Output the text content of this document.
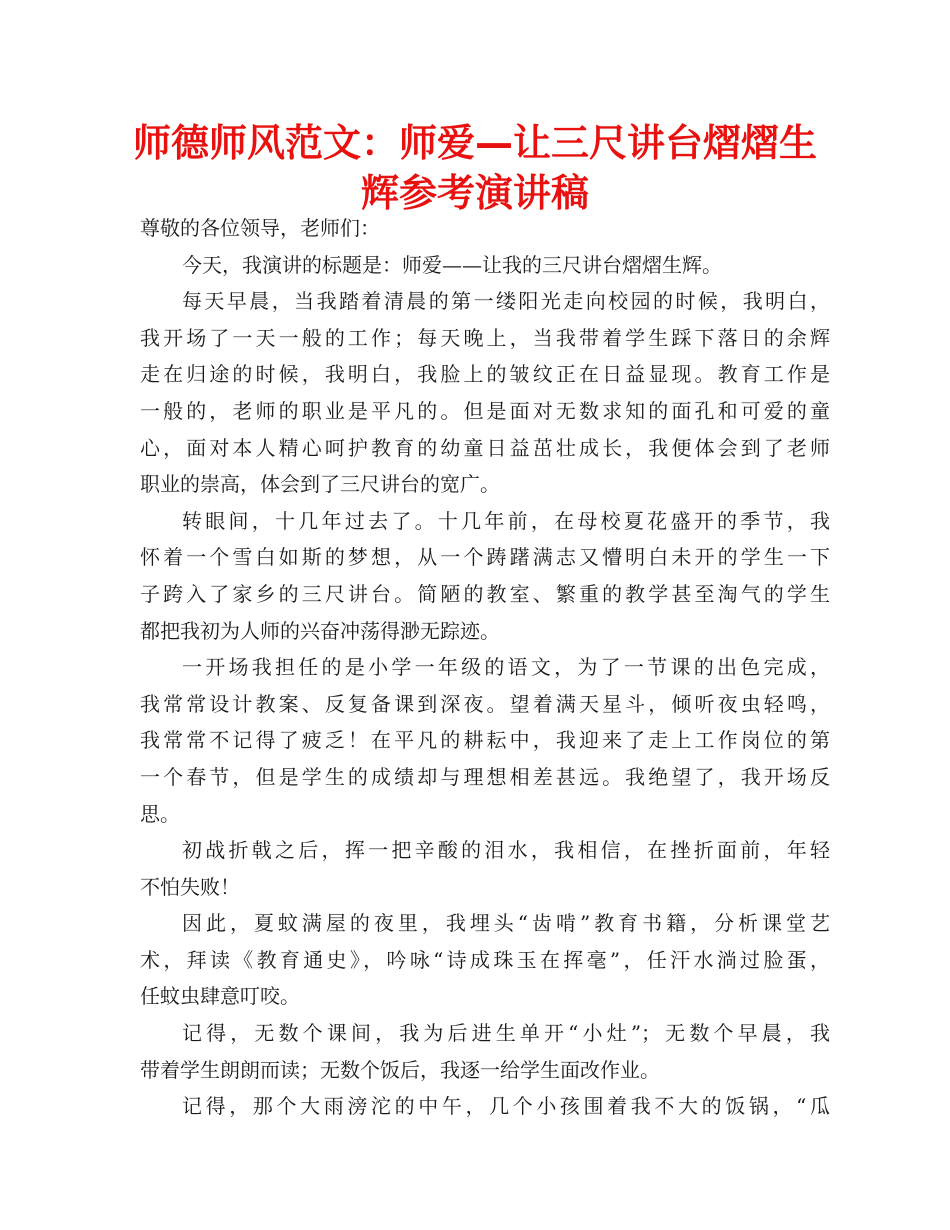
师德师风范文：师爱—让三尺讲台熠熠生
辉参考演讲稿
尊敬的各位领导，老师们：
今天，我演讲的标题是：师爱——让我的三尺讲台熠熠生辉。
每天早晨，当我踏着清晨的第一缕阳光走向校园的时候，我明白，
我开场了一天一般的工作；每天晚上，当我带着学生踩下落日的余辉
走在归途的时候，我明白，我脸上的皱纹正在日益显现。教育工作是
一般的，老师的职业是平凡的。但是面对无数求知的面孔和可爱的童
心，面对本人精心呵护教育的幼童日益茁壮成长，我便体会到了老师
职业的崇高，体会到了三尺讲台的宽广。
转眼间，十几年过去了。十几年前，在母校夏花盛开的季节，我
怀着一个雪白如斯的梦想，从一个踌躇满志又懵明白未开的学生一下
子跨入了家乡的三尺讲台。简陋的教室、繁重的教学甚至淘气的学生
都把我初为人师的兴奋冲荡得渺无踪迹。
一开场我担任的是小学一年级的语文，为了一节课的出色完成，
我常常设计教案、反复备课到深夜。望着满天星斗，倾听夜虫轻鸣，
我常常不记得了疲乏！在平凡的耕耘中，我迎来了走上工作岗位的第
一个春节，但是学生的成绩却与理想相差甚远。我绝望了，我开场反
思。
初战折戟之后，挥一把辛酸的泪水，我相信，在挫折面前，年轻
不怕失败！
因此，夏蚊满屋的夜里，我埋头“齿啃”教育书籍，分析课堂艺
术，拜读《教育通史》，吟咏“诗成珠玉在挥毫”，任汗水淌过脸蛋，
任蚊虫肆意叮咬。
记得，无数个课间，我为后进生单开“小灶”；无数个早晨，我
带着学生朗朗而读；无数个饭后，我逐一给学生面改作业。
记得，那个大雨滂沱的中午，几个小孩围着我不大的饭锅，“瓜
